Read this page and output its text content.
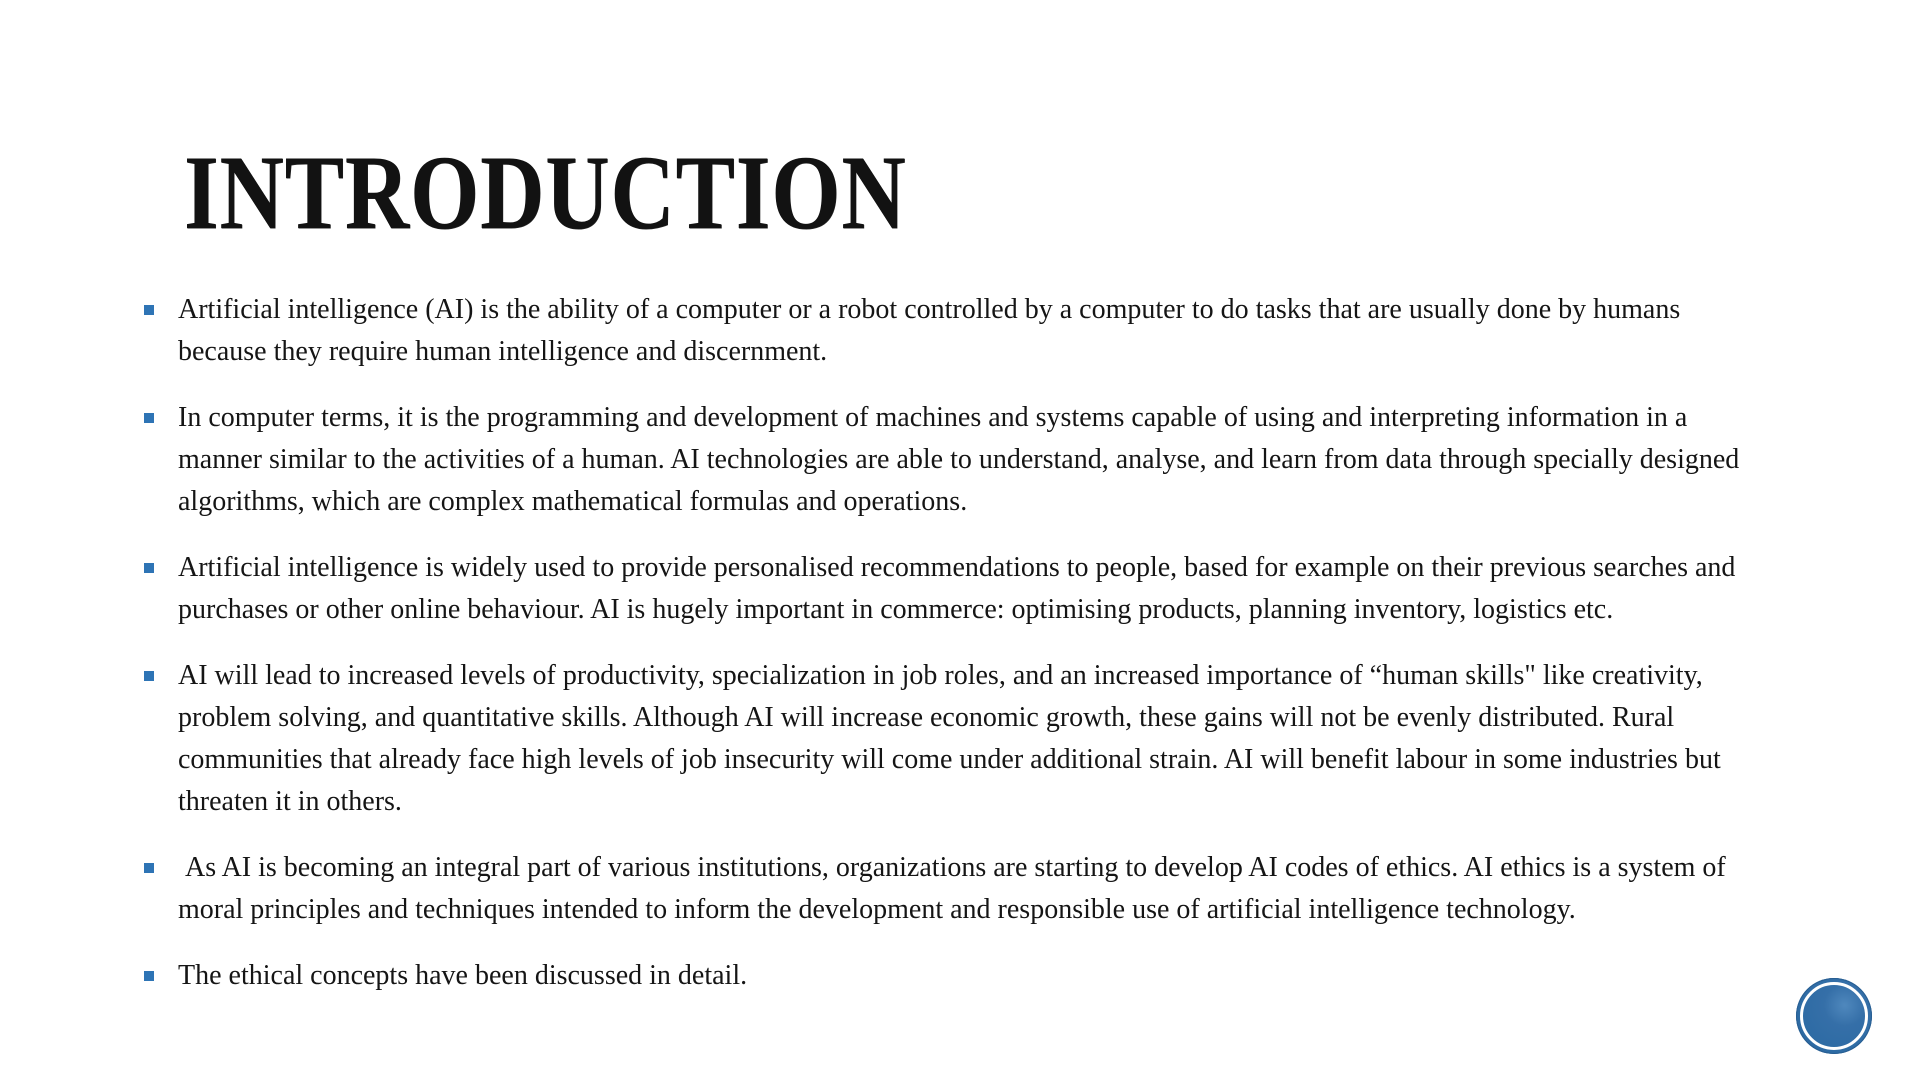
INTRODUCTION
Artificial intelligence (AI) is the ability of a computer or a robot controlled by a computer to do tasks that are usually done by humans because they require human intelligence and discernment.
In computer terms, it is the programming and development of machines and systems capable of using and interpreting information in a manner similar to the activities of a human. AI technologies are able to understand, analyse, and learn from data through specially designed algorithms, which are complex mathematical formulas and operations.
Artificial intelligence is widely used to provide personalised recommendations to people, based for example on their previous searches and purchases or other online behaviour. AI is hugely important in commerce: optimising products, planning inventory, logistics etc.
AI will lead to increased levels of productivity, specialization in job roles, and an increased importance of “human skills" like creativity, problem solving, and quantitative skills. Although AI will increase economic growth, these gains will not be evenly distributed. Rural communities that already face high levels of job insecurity will come under additional strain. AI will benefit labour in some industries but threaten it in others.
As AI is becoming an integral part of various institutions, organizations are starting to develop AI codes of ethics. AI ethics is a system of moral principles and techniques intended to inform the development and responsible use of artificial intelligence technology.
The ethical concepts have been discussed in detail.
